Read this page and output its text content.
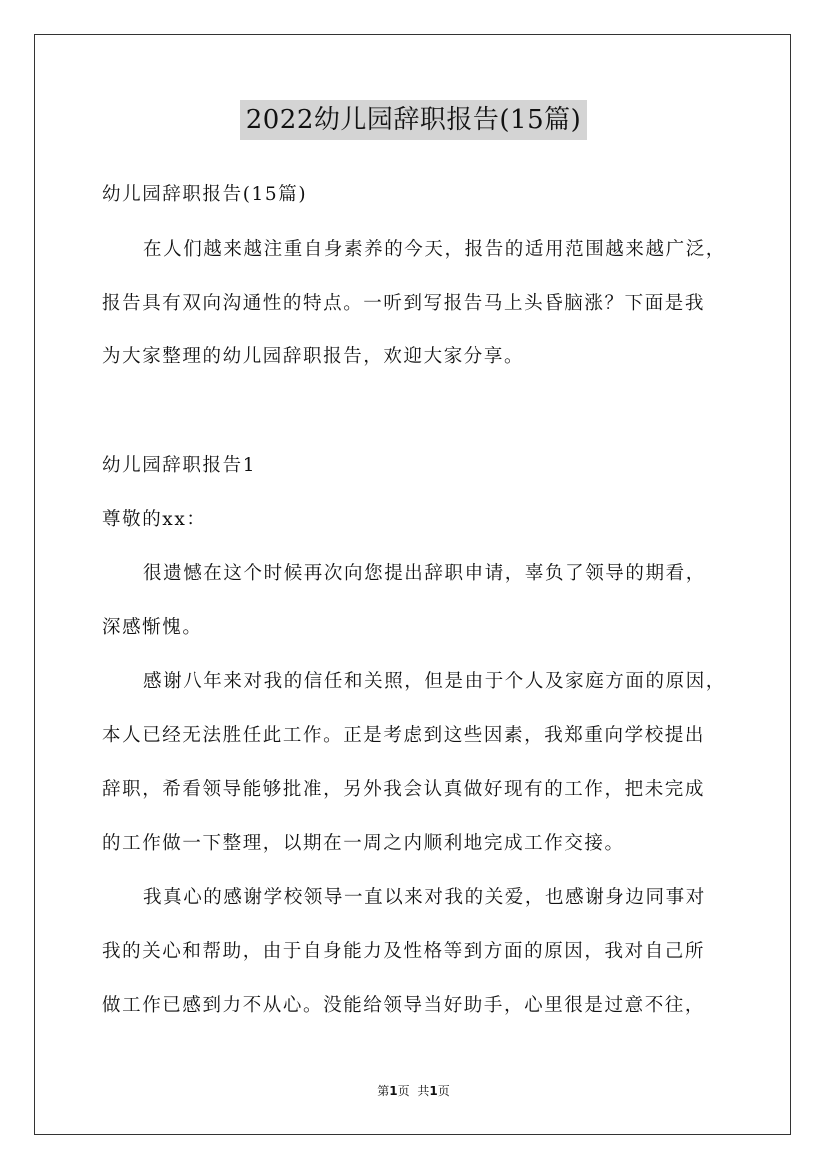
2022幼儿园辞职报告(15篇)
幼儿园辞职报告(15篇)
在人们越来越注重自身素养的今天，报告的适用范围越来越广泛，
报告具有双向沟通性的特点。一听到写报告马上头昏脑涨？下面是我
为大家整理的幼儿园辞职报告，欢迎大家分享。
幼儿园辞职报告1
尊敬的xx：
很遗憾在这个时候再次向您提出辞职申请，辜负了领导的期看，
深感惭愧。
感谢八年来对我的信任和关照，但是由于个人及家庭方面的原因，
本人已经无法胜任此工作。正是考虑到这些因素，我郑重向学校提出
辞职，希看领导能够批准，另外我会认真做好现有的工作，把未完成
的工作做一下整理，以期在一周之内顺利地完成工作交接。
我真心的感谢学校领导一直以来对我的关爱，也感谢身边同事对
我的关心和帮助，由于自身能力及性格等到方面的原因，我对自己所
做工作已感到力不从心。没能给领导当好助手，心里很是过意不往，
第1页 共1页
